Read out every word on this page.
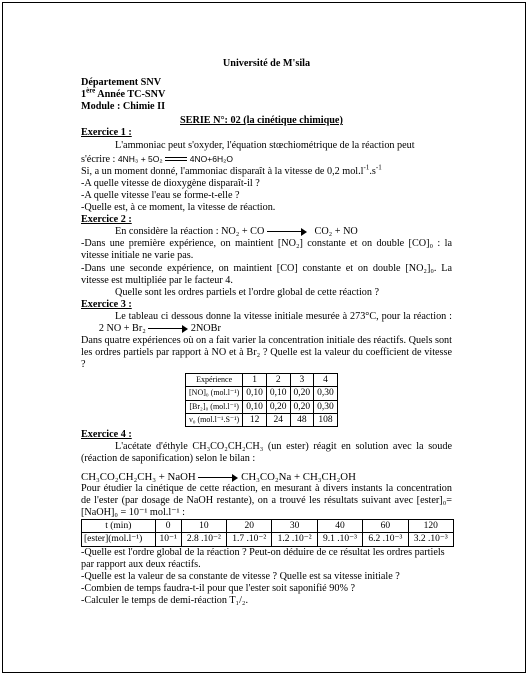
Université de M'sila

Département SNV

1ère Année TC-SNV

Module : Chimie II

SERIE N°: 02 (la cinétique chimique)

Exercice 1 :

L'ammoniac peut s'oxyder, l'équation stœchiométrique de la réaction peut

s'écrire : 4NH₃ + 5O₂	4NO+6H₂O

Si, a un moment donné, l'ammoniac disparaît à la vitesse de 0,2 $mol.l^{-1}.s^{-1}$

-A quelle vitesse de dioxygène disparaît-il ?

-A quelle vitesse l'eau se forme-t-elle ?

-Quelle est, à ce moment, la vitesse de réaction.

Exercice 2 :

En considère la réaction : NO₂ + CO	CO₂ + NO

-Dans une première expérience, on maintient [NO₂] constante et on double [CO]₀ : la vitesse initiale ne varie pas.

-Dans une seconde expérience, on maintient [CO] constante et on double [NO₂]₀. La vitesse est multipliée par le facteur 4.

Quelle sont les ordres partiels et l'ordre global de cette réaction ?

Exercice 3 :

Le tableau ci dessous donne la vitesse initiale mesurée à 273°C, pour la réaction :        2 NO + Br₂	2NOBr

Dans quatre expériences où on a fait varier la concentration initiale des réactifs. Quels sont les ordres partiels par rapport à NO et à Br₂ ? Quelle est la valeur du coefficient de vitesse ?

Expérience	1	2	3	4
[NO]₀ (mol.l⁻¹)	0,10	0,10	0,20	0,30
[Br₂]₀ (mol.l⁻¹)	0,10	0,20	0,20	0,30
ν₀ (mol.l⁻¹.S⁻¹)	12	24	48	108

Exercice 4 :

L'acétate d'éthyle CH₃CO₂CH₂CH₃ (un ester) réagit en solution avec la soude (réaction de saponification) selon le bilan :

CH₃CO₂CH₂CH₃ + NaOH	CH₃CO₂Na + CH₃CH₂OH

Pour étudier la cinétique de cette réaction, en mesurant à divers instants la concentration de l'ester (par dosage de NaOH restante), on a trouvé les résultats suivant avec [ester]₀= [NaOH]₀ = 10⁻¹ mol.l⁻¹ :

t (min)	0	10	20	30	40	60	120
[ester](mol.l⁻¹)	10⁻¹	2.8 .10⁻²	1.7 .10⁻²	1.2 .10⁻²	9.1 .10⁻³	6.2 .10⁻³	3.2 .10⁻³

-Quelle est l'ordre global de la réaction ? Peut-on déduire de ce résultat les ordres partiels par rapport aux deux réactifs.

-Quelle est la valeur de sa constante de vitesse ? Quelle est sa vitesse initiale ?

-Combien de temps faudra-t-il pour que l'ester soit saponifié 90% ?

-Calculer le temps de demi-réaction T₁/₂.
